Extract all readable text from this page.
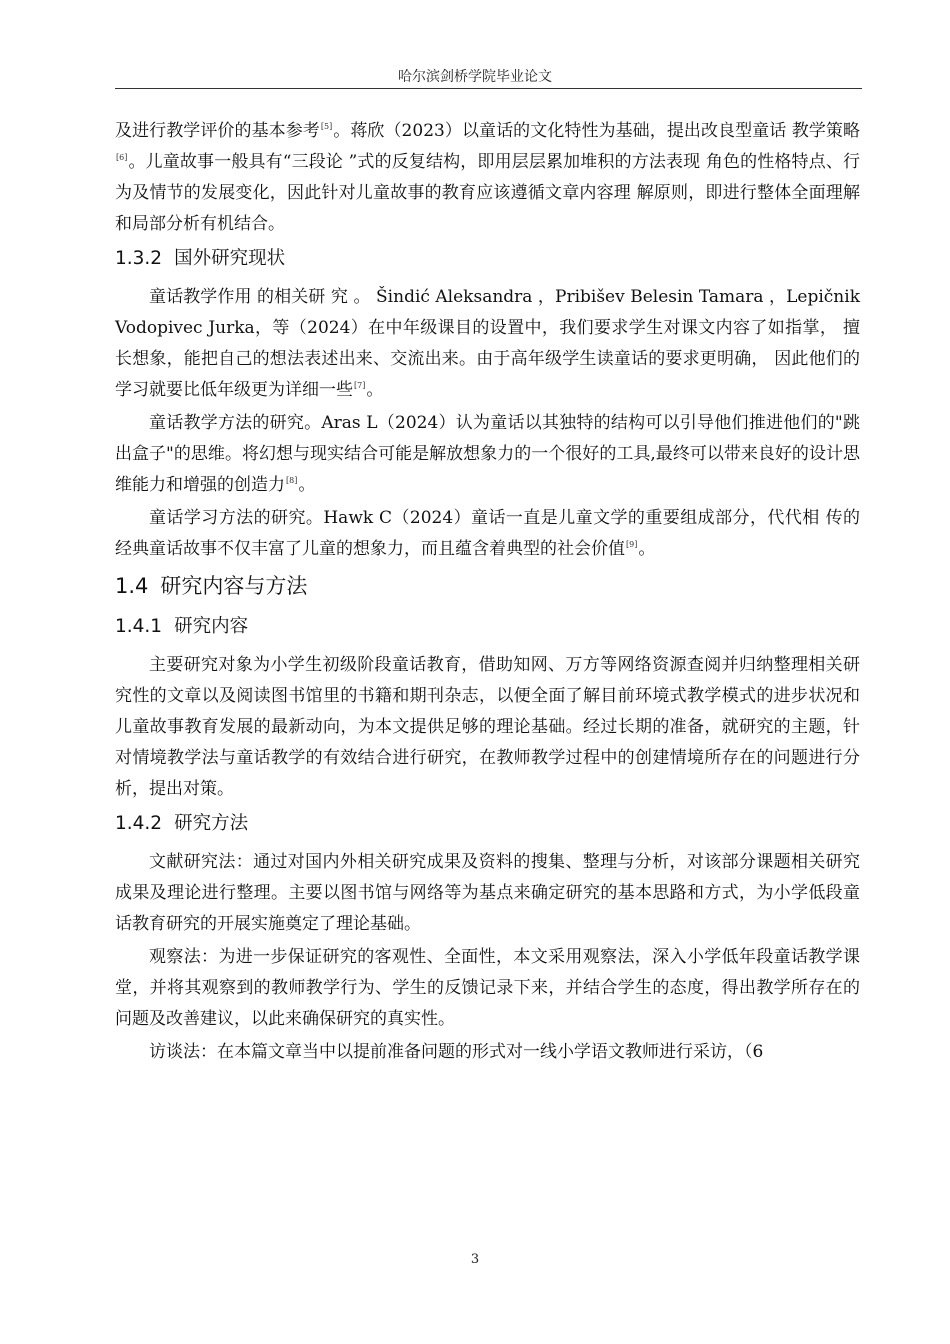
哈尔滨剑桥学院毕业论文

及进行教学评价的基本参考[5]。蒋欣（2023）以童话的文化特性为基础，提出改良型童话 教学策略[6]。儿童故事一般具有“三段论 ”式的反复结构，即用层层累加堆积的方法表现 角色的性格特点、行为及情节的发展变化，因此针对儿童故事的教育应该遵循文章内容理 解原则，即进行整体全面理解和局部分析有机结合。

1.3.2 国外研究现状

童话教学作用 的相关研 究 。 Šindić Aleksandra ，Pribišev Belesin Tamara ，Lepičnik Vodopivec Jurka，等（2024）在中年级课目的设置中，我们要求学生对课文内容了如指掌， 擅长想象，能把自己的想法表述出来、交流出来。由于高年级学生读童话的要求更明确， 因此他们的学习就要比低年级更为详细一些[7]。

童话教学方法的研究。Aras L（2024）认为童话以其独特的结构可以引导他们推进他们的"跳出盒子"的思维。将幻想与现实结合可能是解放想象力的一个很好的工具,最终可以带来良好的设计思维能力和增强的创造力[8]。

童话学习方法的研究。Hawk C（2024）童话一直是儿童文学的重要组成部分，代代相 传的经典童话故事不仅丰富了儿童的想象力，而且蕴含着典型的社会价值[9]。

1.4 研究内容与方法
1.4.1 研究内容

主要研究对象为小学生初级阶段童话教育，借助知网、万方等网络资源查阅并归纳整理相关研究性的文章以及阅读图书馆里的书籍和期刊杂志，以便全面了解目前环境式教学模式的进步状况和儿童故事教育发展的最新动向，为本文提供足够的理论基础。经过长期的准备，就研究的主题，针对情境教学法与童话教学的有效结合进行研究，在教师教学过程中的创建情境所存在的问题进行分析，提出对策。

1.4.2 研究方法

文献研究法：通过对国内外相关研究成果及资料的搜集、整理与分析，对该部分课题相关研究成果及理论进行整理。主要以图书馆与网络等为基点来确定研究的基本思路和方式，为小学低段童话教育研究的开展实施奠定了理论基础。

观察法：为进一步保证研究的客观性、全面性，本文采用观察法，深入小学低年段童话教学课堂，并将其观察到的教师教学行为、学生的反馈记录下来，并结合学生的态度，得出教学所存在的问题及改善建议，以此来确保研究的真实性。

访谈法：在本篇文章当中以提前准备问题的形式对一线小学语文教师进行采访，（6

3
